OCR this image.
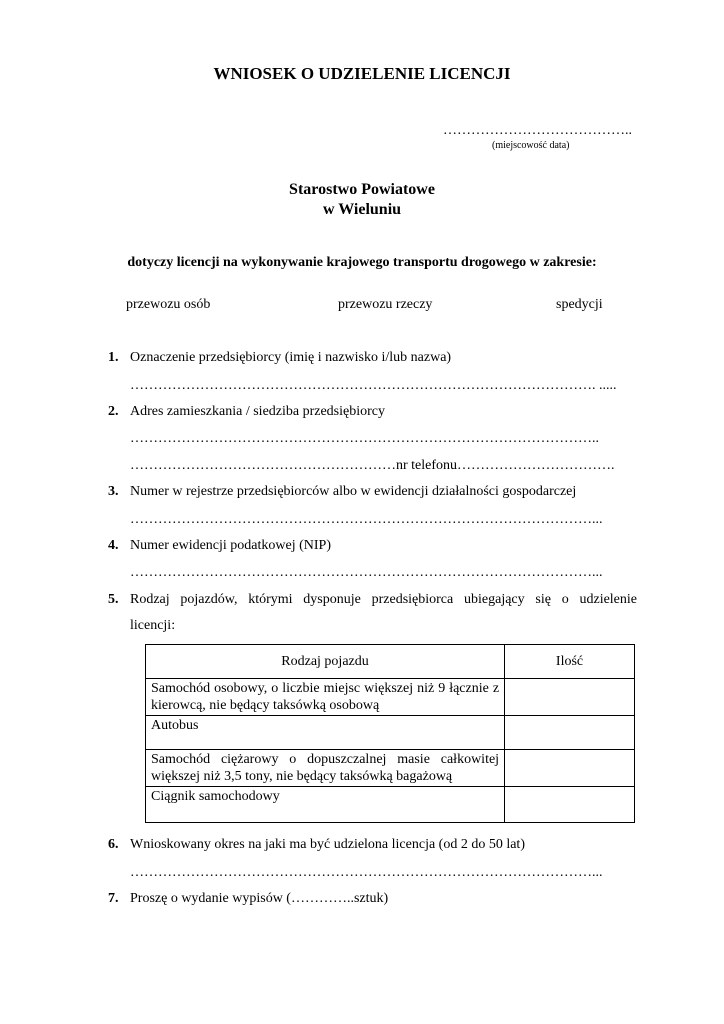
WNIOSEK O UDZIELENIE LICENCJI
…………………………………..
(miejscowość data)
Starostwo Powiatowe
w Wieluniu
dotyczy licencji na wykonywanie krajowego transportu drogowego w zakresie:
przewozu osób	przewozu rzeczy	spedycji
1. Oznaczenie przedsiębiorcy (imię i nazwisko i/lub nazwa)
………………………………………………………………………………………. .....
2. Adres zamieszkania / siedziba przedsiębiorcy
………………………………………………………………………………………..
…………………………………………………nr telefonu…………………………….
3. Numer w rejestrze przedsiębiorców albo w ewidencji działalności gospodarczej
………………………………………………………………………………………...
4. Numer ewidencji podatkowej (NIP)
………………………………………………………………………………………...
5. Rodzaj pojazdów, którymi dysponuje przedsiębiorca ubiegający się o udzielenie
licencji:
Rodzaj pojazdu	Ilość
Samochód osobowy, o liczbie miejsc większej niż 9 łącznie z kierowcą, nie będący taksówką osobową	
Autobus	
Samochód ciężarowy o dopuszczalnej masie całkowitej większej niż 3,5 tony, nie będący taksówką bagażową	
Ciągnik samochodowy	
6. Wnioskowany okres na jaki ma być udzielona licencja (od 2 do 50 lat)
………………………………………………………………………………………...
7. Proszę o wydanie wypisów (…………..sztuk)
